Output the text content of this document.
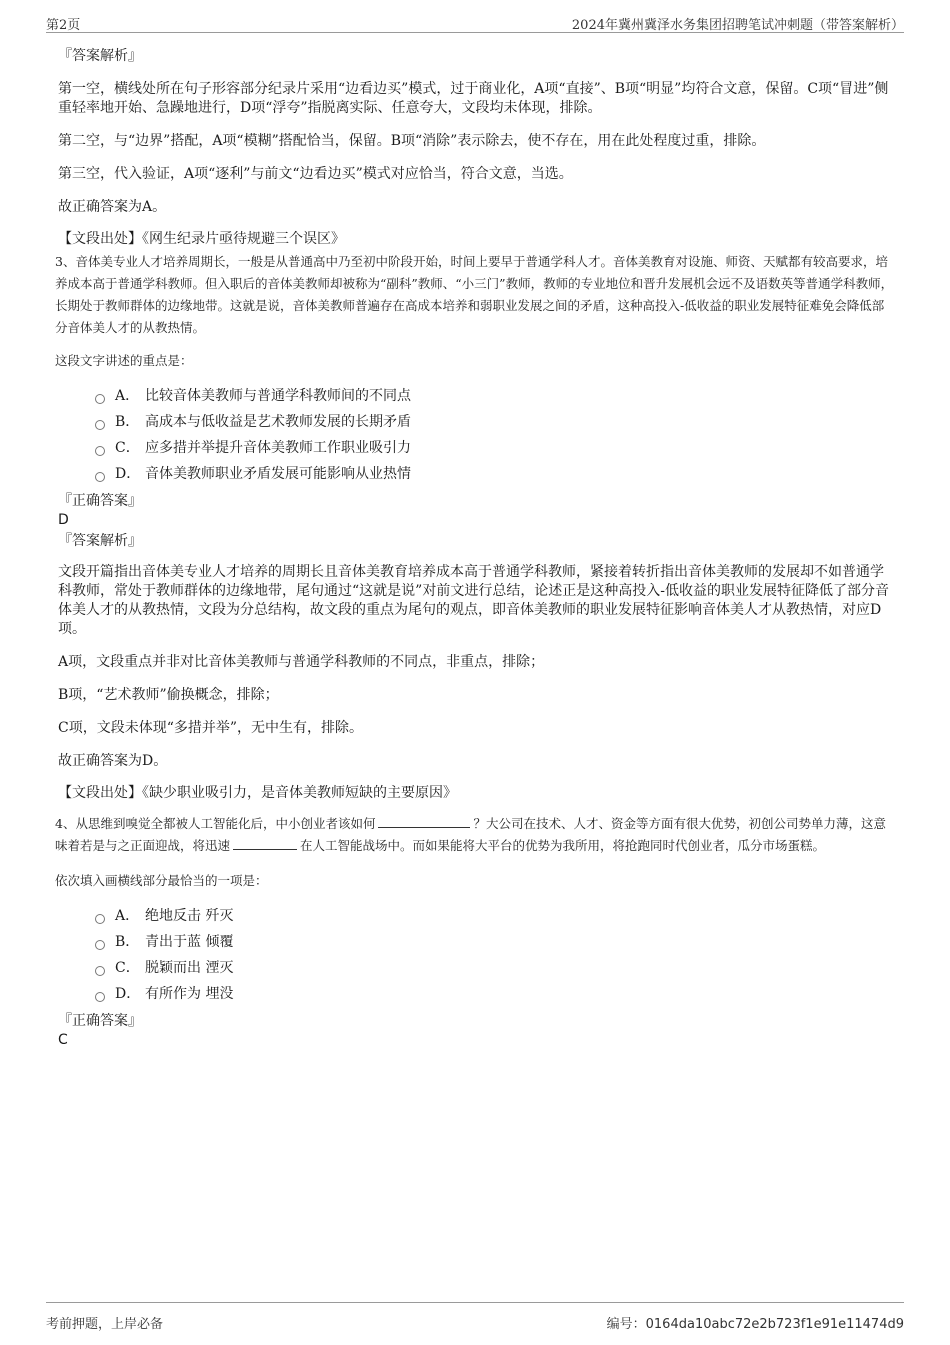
第2页	2024年冀州冀泽水务集团招聘笔试冲刺题（带答案解析）
『答案解析』
第一空，横线处所在句子形容部分纪录片采用“边看边买”模式，过于商业化，A项“直接”、B项“明显”均符合文意，保留。C项“冒进”侧重轻率地开始、急躁地进行，D项“浮夸”指脱离实际、任意夸大，文段均未体现，排除。
第二空，与“边界”搭配，A项“模糊”搭配恰当，保留。B项“消除”表示除去，使不存在，用在此处程度过重，排除。
第三空，代入验证，A项“逐利”与前文“边看边买”模式对应恰当，符合文意，当选。
故正确答案为A。
【文段出处】《网生纪录片亟待规避三个误区》
3、音体美专业人才培养周期长，一般是从普通高中乃至初中阶段开始，时间上要早于普通学科人才。音体美教育对设施、师资、天赋都有较高要求，培养成本高于普通学科教师。但入职后的音体美教师却被称为“副科”教师、“小三门”教师，教师的专业地位和晋升发展机会远不及语数英等普通学科教师，长期处于教师群体的边缘地带。这就是说，音体美教师普遍存在高成本培养和弱职业发展之间的矛盾，这种高投入-低收益的职业发展特征难免会降低部分音体美人才的从教热情。
这段文字讲述的重点是：
A． 比较音体美教师与普通学科教师间的不同点
B． 高成本与低收益是艺术教师发展的长期矛盾
C． 应多措并举提升音体美教师工作职业吸引力
D． 音体美教师职业矛盾发展可能影响从业热情
『正确答案』
D
『答案解析』
文段开篇指出音体美专业人才培养的周期长且音体美教育培养成本高于普通学科教师，紧接着转折指出音体美教师的发展却不如普通学科教师，常处于教师群体的边缘地带，尾句通过“这就是说”对前文进行总结，论述正是这种高投入-低收益的职业发展特征降低了部分音体美人才的从教热情，文段为分总结构，故文段的重点为尾句的观点，即音体美教师的职业发展特征影响音体美人才从教热情，对应D项。
A项，文段重点并非对比音体美教师与普通学科教师的不同点，非重点，排除；
B项，“艺术教师”偷换概念，排除；
C项，文段未体现“多措并举”，无中生有，排除。
故正确答案为D。
【文段出处】《缺少职业吸引力，是音体美教师短缺的主要原因》
4、从思维到嗅觉全都被人工智能化后，中小创业者该如何	？大公司在技术、人才、资金等方面有很大优势，初创公司势单力薄，这意味着若是与之正面迎战，将迅速	在人工智能战场中。而如果能将大平台的优势为我所用，将抢跑同时代创业者，瓜分市场蛋糕。
依次填入画横线部分最恰当的一项是：
A． 绝地反击 歼灭
B． 青出于蓝 倾覆
C． 脱颖而出 湮灭
D． 有所作为 埋没
『正确答案』
C
考前押题，上岸必备	编号：0164da10abc72e2b723f1e91e11474d9
